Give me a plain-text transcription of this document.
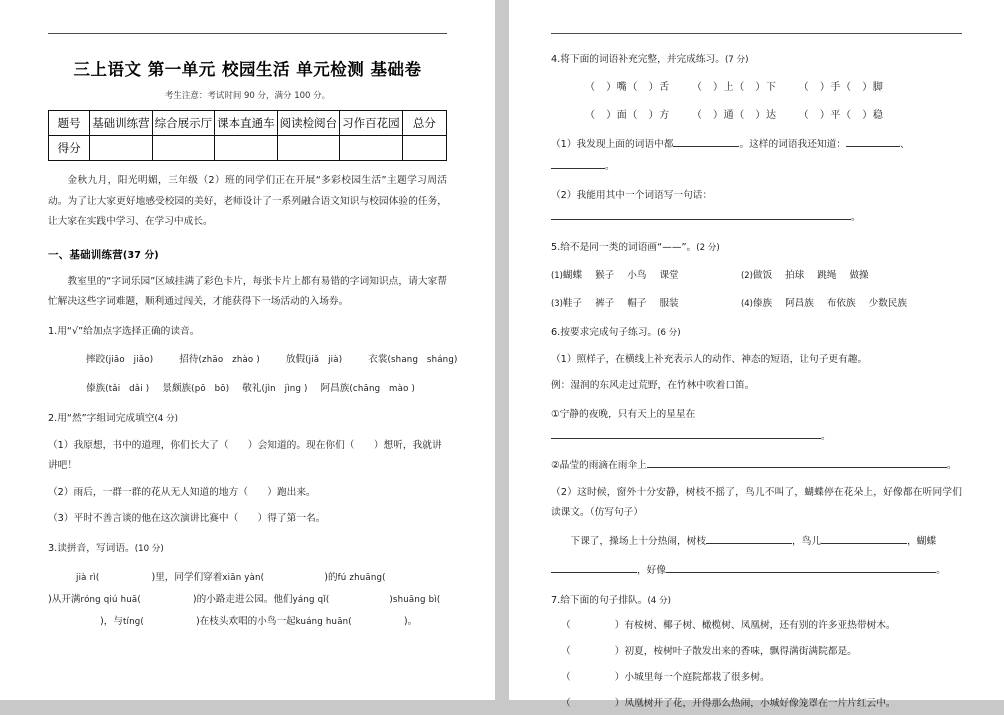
三上语文 第一单元 校园生活 单元检测 基础卷
考生注意：考试时间 90 分，满分 100 分。
题号	基础训练营	综合展示厅	课本直通车	阅读检阅台	习作百花园	总分
得分						

金秋九月，阳光明媚，三年级（2）班的同学们正在开展“多彩校园生活”主题学习周活动。为了让大家更好地感受校园的美好，老师设计了一系列融合语文知识与校园体验的任务，让大家在实践中学习、在学习中成长。

一、基础训练营(37 分)

教室里的“字词乐园”区域挂满了彩色卡片，每张卡片上都有易错的字词知识点，请大家帮忙解决这些字词难题，顺利通过闯关，才能获得下一场活动的入场券。

1.用“√”给加点字选择正确的读音。
摔跤(jiāo　jiǎo)	招待(zhāo　zhào )	放假(jiǎ　jià)	衣裳(shang　sháng)
傣族(tǎi　dǎi ) 景颇族(pō　bō) 敬礼(jìn　jìng ) 阿昌族(chāng　mào )
2.用“然”字组词完成填空(4 分)
（1）我原想，书中的道理，你们长大了（　　）会知道的。现在你们（　　）想听，我就讲讲吧！
（2）雨后，一群一群的花从无人知道的地方（　　）跑出来。
（3）平时不善言谈的他在这次演讲比赛中（　　）得了第一名。
3.读拼音，写词语。(10 分)
jià rì(	)里，同学们穿着xiān yàn(	)的fú zhuāng()从开满róng qiú huā(	)的小路走进公园。他们yáng qǐ(	)shuāng bì()，与tíng(	)在枝头欢唱的小鸟一起kuáng huān(	)。
4.将下面的词语补充完整，并完成练习。(7 分)
（　）嘴（　）舌 （　）上（　）下 （　）手（　）脚
（　）面（　）方 （　）通（　）达 （　）平（　）稳
（1）我发现上面的词语中都	。这样的词语我还知道：	、。
（2）我能用其中一个词语写一句话：。
5.给不是同一类的词语画“——”。(2 分)
(1)蝴蝶 猴子 小鸟 课堂	(2)做饭 拍球 跳绳 做操
(3)鞋子 裤子 帽子 服装	(4)傣族 阿昌族 布依族 少数民族
6.按要求完成句子练习。(6 分)
（1）照样子，在横线上补充表示人的动作、神态的短语，让句子更有趣。
例：湿润的东风走过荒野，在竹林中吹着口笛。
①宁静的夜晚，只有天上的星星在。
②晶莹的雨滴在雨伞上	。
（2）这时候，窗外十分安静，树枝不摇了，鸟儿不叫了，蝴蝶停在花朵上，好像都在听同学们读课文。（仿写句子）
下课了，操场上十分热闹，树枝	，鸟儿	，蝴蝶
，好像	。
7.给下面的句子排队。(4 分)
（	）有桉树、椰子树、橄榄树、凤凰树，还有别的许多亚热带树木。
（	）初夏，桉树叶子散发出来的香味，飘得满街满院都是。
（	）小城里每一个庭院都栽了很多树。
（	）凤凰树开了花，开得那么热闹，小城好像笼罩在一片片红云中。
